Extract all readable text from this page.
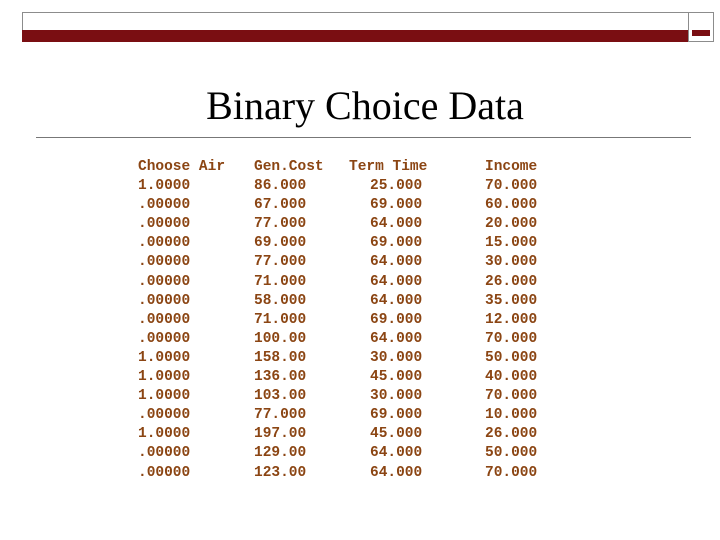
Binary Choice Data
Choose Air
1.0000
.00000
.00000
.00000
.00000
.00000
.00000
.00000
.00000
1.0000
1.0000
1.0000
.00000
1.0000
.00000
.00000
Gen.Cost
86.000
67.000
77.000
69.000
77.000
71.000
58.000
71.000
100.00
158.00
136.00
103.00
77.000
197.00
129.00
123.00
Term Time
25.000
69.000
64.000
69.000
64.000
64.000
64.000
69.000
64.000
30.000
45.000
30.000
69.000
45.000
64.000
64.000
Income
70.000
60.000
20.000
15.000
30.000
26.000
35.000
12.000
70.000
50.000
40.000
70.000
10.000
26.000
50.000
70.000
